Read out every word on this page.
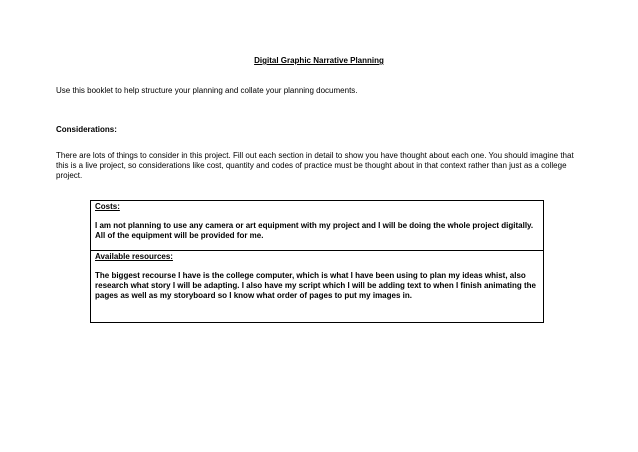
Digital Graphic Narrative Planning
Use this booklet to help structure your planning and collate your planning documents.
Considerations:
There are lots of things to consider in this project. Fill out each section in detail to show you have thought about each one. You should imagine that this is a live project, so considerations like cost, quantity and codes of practice must be thought about in that context rather than just as a college project.
Costs:
I am not planning to use any camera or art equipment with my project and I will be doing the whole project digitally. All of the equipment will be provided for me.
Available resources:
The biggest recourse I have is the college computer, which is what I have been using to plan my ideas whist, also research what story I will be adapting. I also have my script which I will be adding text to when I finish animating the pages as well as my storyboard so I know what order of pages to put my images in.
